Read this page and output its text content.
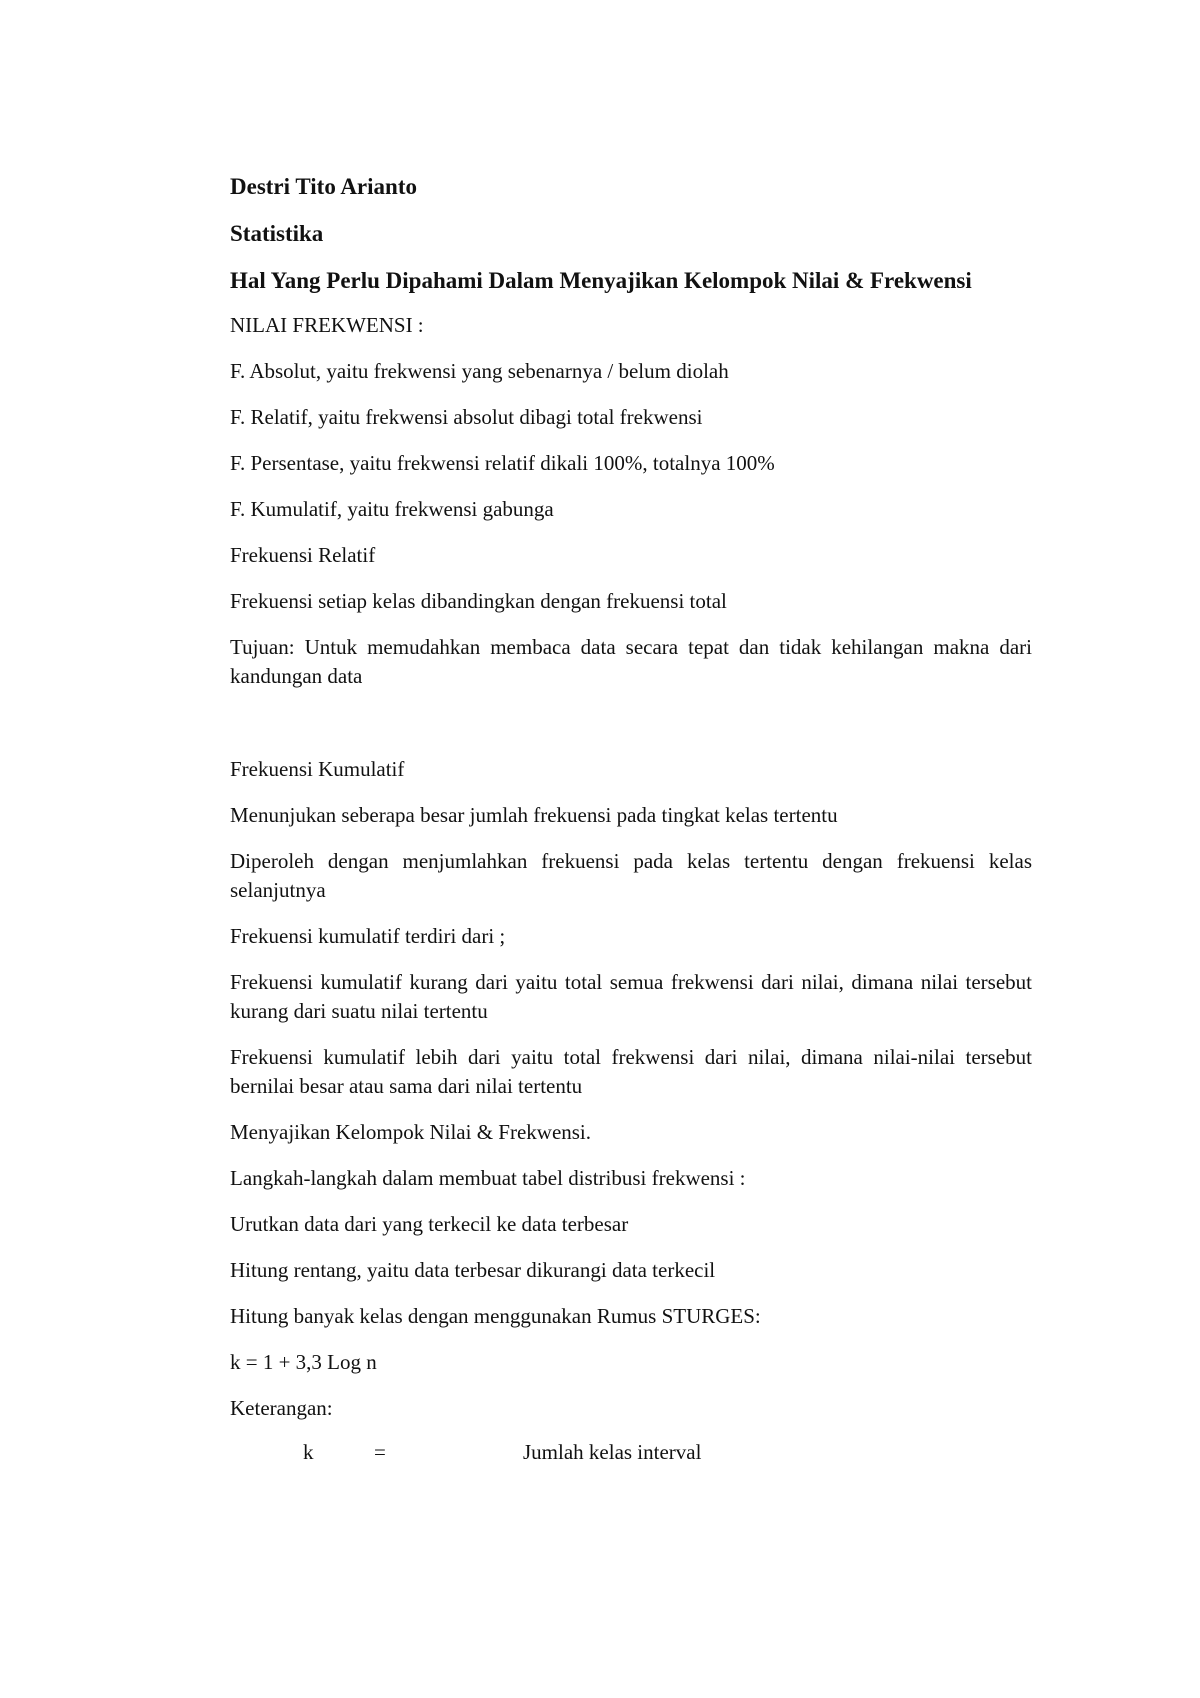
Destri Tito Arianto
Statistika
Hal Yang Perlu Dipahami Dalam Menyajikan Kelompok Nilai & Frekwensi
NILAI FREKWENSI :
F. Absolut, yaitu frekwensi yang sebenarnya / belum diolah
F. Relatif, yaitu frekwensi absolut dibagi total frekwensi
F. Persentase, yaitu frekwensi relatif dikali 100%, totalnya 100%
F. Kumulatif, yaitu frekwensi gabunga
Frekuensi Relatif
Frekuensi setiap kelas dibandingkan dengan frekuensi total
Tujuan: Untuk memudahkan membaca data secara tepat dan tidak kehilangan makna dari kandungan data
Frekuensi Kumulatif
Menunjukan seberapa besar jumlah frekuensi pada tingkat kelas tertentu
Diperoleh dengan menjumlahkan frekuensi pada kelas tertentu dengan frekuensi kelas selanjutnya
Frekuensi kumulatif terdiri dari ;
Frekuensi kumulatif kurang dari yaitu total semua frekwensi dari nilai, dimana nilai tersebut kurang dari suatu nilai tertentu
Frekuensi kumulatif lebih dari yaitu total frekwensi dari nilai, dimana nilai-nilai tersebut bernilai besar atau sama dari nilai tertentu
Menyajikan Kelompok Nilai & Frekwensi.
Langkah-langkah dalam membuat tabel distribusi frekwensi :
Urutkan data dari yang terkecil ke data terbesar
Hitung rentang, yaitu data terbesar dikurangi data terkecil
Hitung banyak kelas dengan menggunakan Rumus STURGES:
k = 1 + 3,3 Log n
Keterangan:
k	=	Jumlah kelas interval
